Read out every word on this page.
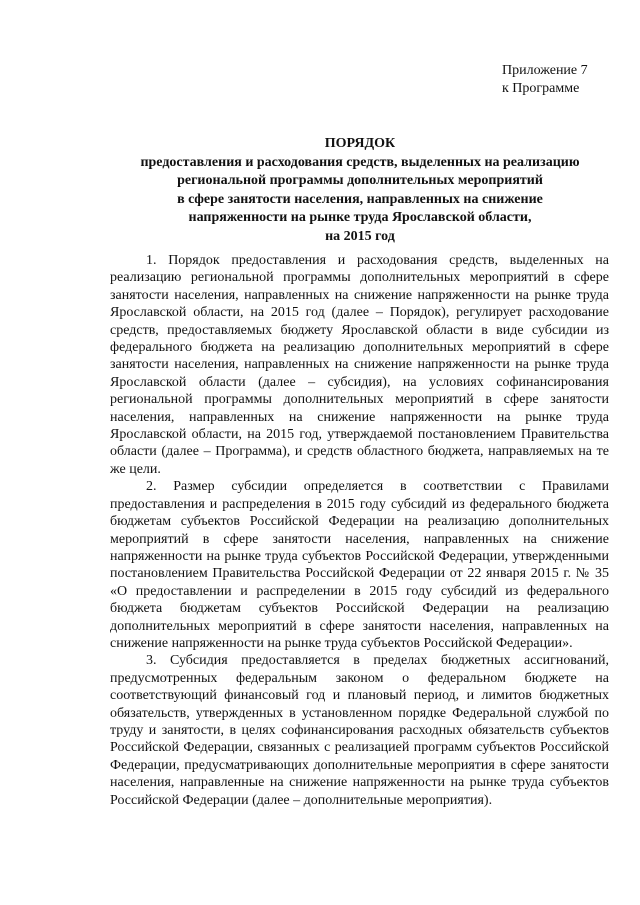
Приложение 7
к Программе
ПОРЯДОК
предоставления и расходования средств, выделенных на реализацию
региональной программы дополнительных мероприятий
в сфере занятости населения, направленных на снижение
напряженности на рынке труда Ярославской области,
на 2015 год

1. Порядок предоставления и расходования средств, выделенных на реализацию региональной программы дополнительных мероприятий в сфере занятости населения, направленных на снижение напряженности на рынке труда Ярославской области, на 2015 год (далее – Порядок), регулирует расходование средств, предоставляемых бюджету Ярославской области в виде субсидии из федерального бюджета на реализацию дополнительных мероприятий в сфере занятости населения, направленных на снижение напряженности на рынке труда Ярославской области (далее – субсидия), на условиях софинансирования региональной программы дополнительных мероприятий в сфере занятости населения, направленных на снижение напряженности на рынке труда Ярославской области, на 2015 год, утверждаемой постановлением Правительства области (далее – Программа), и средств областного бюджета, направляемых на те же цели.

2. Размер субсидии определяется в соответствии с Правилами предоставления и распределения в 2015 году субсидий из федерального бюджета бюджетам субъектов Российской Федерации на реализацию дополнительных мероприятий в сфере занятости населения, направленных на снижение напряженности на рынке труда субъектов Российской Федерации, утвержденными постановлением Правительства Российской Федерации от 22 января 2015 г. № 35 «О предоставлении и распределении в 2015 году субсидий из федерального бюджета бюджетам субъектов Российской Федерации на реализацию дополнительных мероприятий в сфере занятости населения, направленных на снижение напряженности на рынке труда субъектов Российской Федерации».

3. Субсидия предоставляется в пределах бюджетных ассигнований, предусмотренных федеральным законом о федеральном бюджете на соответствующий финансовый год и плановый период, и лимитов бюджетных обязательств, утвержденных в установленном порядке Федеральной службой по труду и занятости, в целях софинансирования расходных обязательств субъектов Российской Федерации, связанных с реализацией программ субъектов Российской Федерации, предусматривающих дополнительные мероприятия в сфере занятости населения, направленные на снижение напряженности на рынке труда субъектов Российской Федерации (далее – дополнительные мероприятия).
